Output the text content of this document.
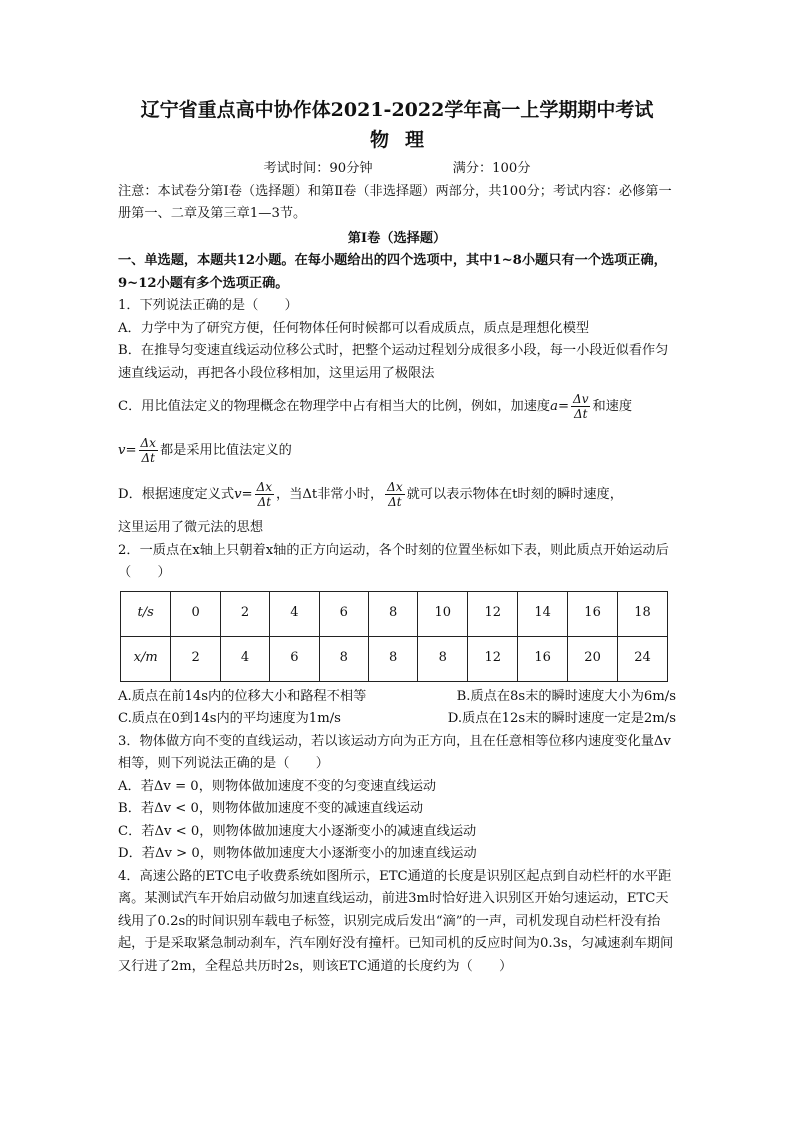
辽宁省重点高中协作体2021-2022学年高一上学期期中考试
物 理
考试时间：90分钟	满分：100分

注意：本试卷分第Ⅰ卷（选择题）和第Ⅱ卷（非选择题）两部分，共100分；考试内容：必修第一册第一、二章及第三章1—3节。

第Ⅰ卷（选择题）

一、单选题，本题共12小题。在每小题给出的四个选项中，其中1~8小题只有一个选项正确，9~12小题有多个选项正确。

1．下列说法正确的是（　　）

A．力学中为了研究方便，任何物体任何时候都可以看成质点，质点是理想化模型

B．在推导匀变速直线运动位移公式时，把整个运动过程划分成很多小段，每一小段近似看作匀速直线运动，再把各小段位移相加，这里运用了极限法

C．用比值法定义的物理概念在物理学中占有相当大的比例，例如，加速度$a= \frac{\Delta v}{\Delta t}$ 和速度

$v= \frac{\Delta x}{\Delta t}$ 都是采用比值法定义的

D．根据速度定义式$v= \frac{\Delta x}{\Delta t}$ ，当Δt非常小时， $\frac{\Delta x}{\Delta t}$ 就可以表示物体在t时刻的瞬时速度，

这里运用了微元法的思想

2．一质点在x轴上只朝着x轴的正方向运动，各个时刻的位置坐标如下表，则此质点开始运动后（　　）

t/s	0	2	4	6	8	10	12	14	16	18
x/m	2	4	6	8	8	8	12	16	20	24
A.质点在前14s内的位移大小和路程不相等	B.质点在8s末的瞬时速度大小为6m/s
C.质点在0到14s内的平均速度为1m/s	D.质点在12s末的瞬时速度一定是2m/s

3．物体做方向不变的直线运动，若以该运动方向为正方向，且在任意相等位移内速度变化量Δv相等，则下列说法正确的是（　　）

A．若Δv = 0，则物体做加速度不变的匀变速直线运动

B．若Δv < 0，则物体做加速度不变的减速直线运动

C．若Δv < 0，则物体做加速度大小逐渐变小的减速直线运动

D．若Δv > 0，则物体做加速度大小逐渐变小的加速直线运动

4．高速公路的ETC电子收费系统如图所示，ETC通道的长度是识别区起点到自动栏杆的水平距离。某测试汽车开始启动做匀加速直线运动，前进3m时恰好进入识别区开始匀速运动，ETC天线用了0.2s的时间识别车载电子标签，识别完成后发出“滴”的一声，司机发现自动栏杆没有抬起，于是采取紧急制动刹车，汽车刚好没有撞杆。已知司机的反应时间为0.3s，匀减速刹车期间又行进了2m，全程总共历时2s，则该ETC通道的长度约为（　　）
